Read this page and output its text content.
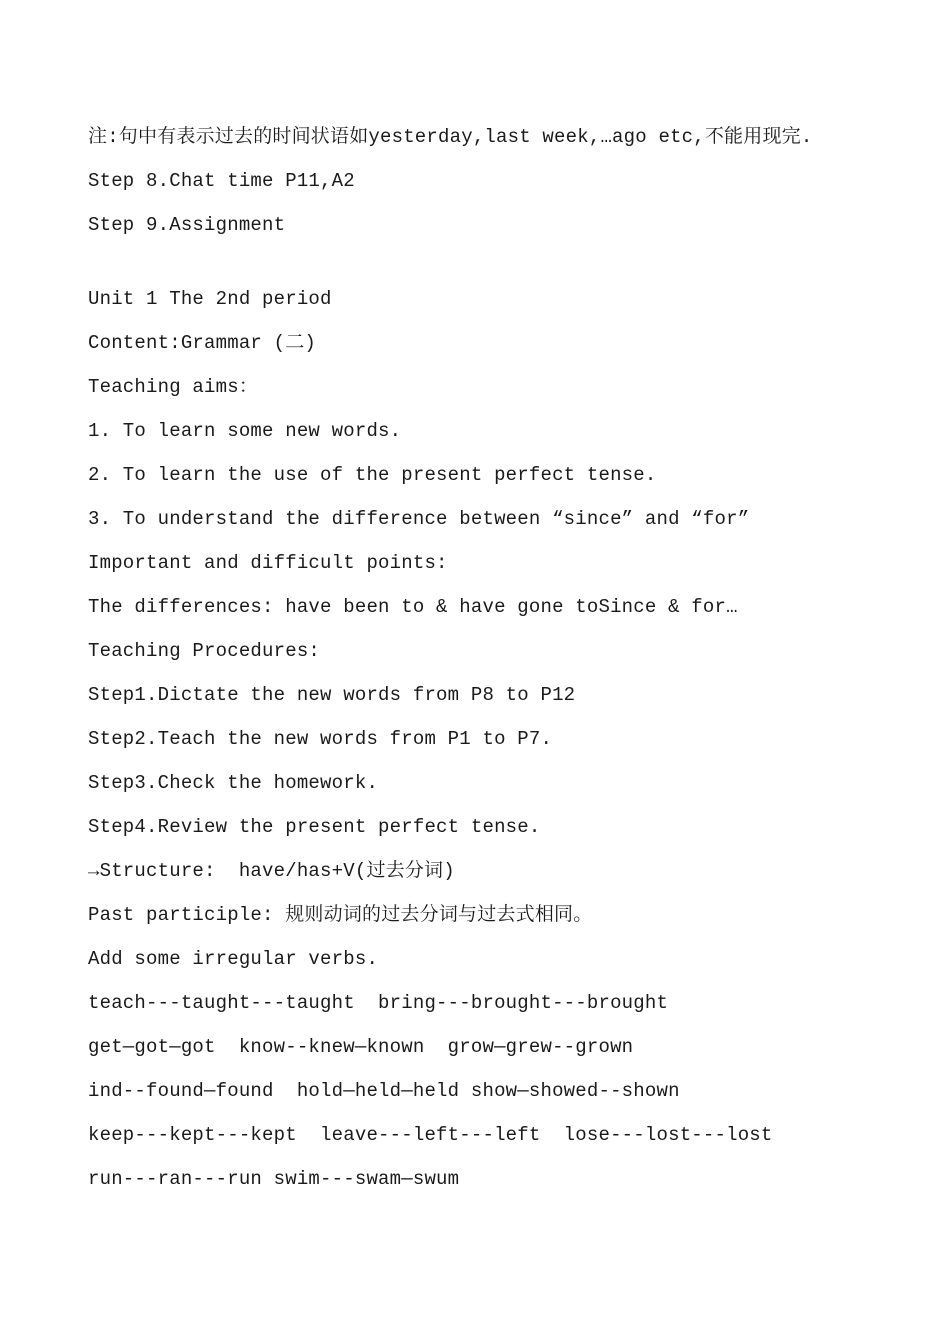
注:句中有表示过去的时间状语如yesterday,last week,…ago etc,不能用现完.

Step 8.Chat time P11,A2

Step 9.Assignment

Unit 1 The 2nd period

Content:Grammar (二)

Teaching aims：

1. To learn some new words.

2. To learn the use of the present perfect tense.

3. To understand the difference between “since” and “for”

Important and difficult points:

The differences: have been to & have gone toSince & for…

Teaching Procedures:

Step1.Dictate the new words from P8 to P12

Step2.Teach the new words from P1 to P7.

Step3.Check the homework.

Step4.Review the present perfect tense.

→Structure:  have/has+V(过去分词)

Past participle: 规则动词的过去分词与过去式相同。

Add some irregular verbs.

teach---taught---taught  bring---brought---brought

get—got—got  know--knew—known  grow—grew--grown

ind--found—found  hold—held—held show—showed--shown

keep---kept---kept  leave---left---left  lose---lost---lost

run---ran---run swim---swam—swum
